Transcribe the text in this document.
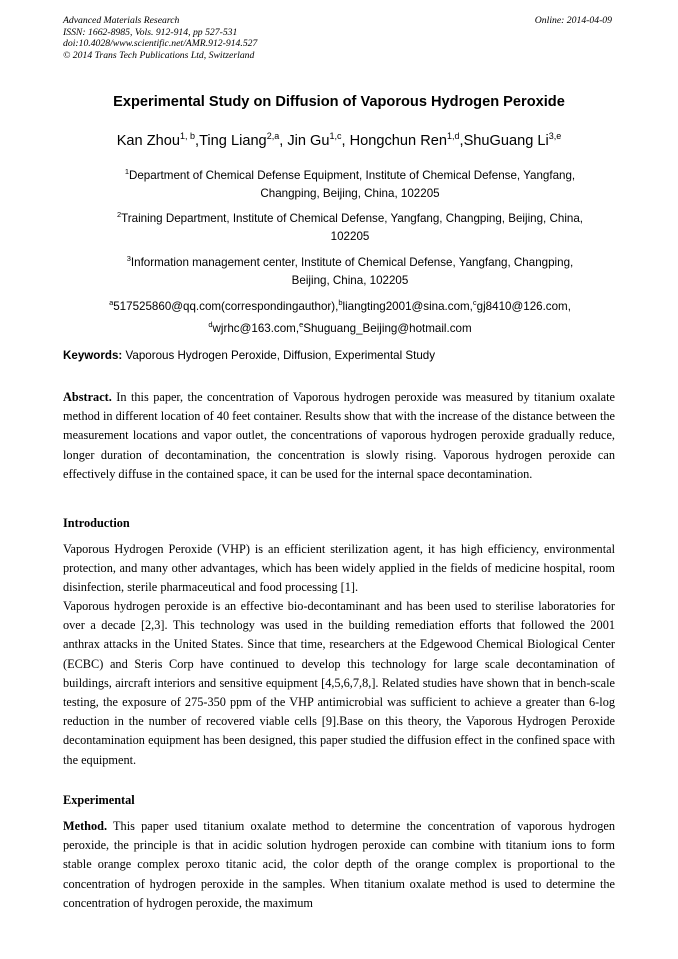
Advanced Materials Research
ISSN: 1662-8985, Vols. 912-914, pp 527-531
doi:10.4028/www.scientific.net/AMR.912-914.527
© 2014 Trans Tech Publications Ltd, Switzerland
Online: 2014-04-09
Experimental Study on Diffusion of Vaporous Hydrogen Peroxide
Kan Zhou$^{1, b}$,Ting Liang$^{2,a}$, Jin Gu$^{1,c}$, Hongchun Ren$^{1,d}$,ShuGuang Li$^{3,e}$
$^1$Department of Chemical Defense Equipment, Institute of Chemical Defense, Yangfang,
Changping, Beijing, China, 102205
$^2$Training Department, Institute of Chemical Defense, Yangfang, Changping, Beijing, China,
102205
$^3$Information management center, Institute of Chemical Defense, Yangfang, Changping,
Beijing, China, 102205
$^a$517525860@qq.com(correspondingauthor),$^b$liangting2001@sina.com,$^c$gj8410@126.com,
$^d$wjrhc@163.com,$^e$Shuguang_Beijing@hotmail.com
Keywords: Vaporous Hydrogen Peroxide, Diffusion, Experimental Study
Abstract. In this paper, the concentration of Vaporous hydrogen peroxide was measured by titanium oxalate method in different location of 40 feet container. Results show that with the increase of the distance between the measurement locations and vapor outlet, the concentrations of vaporous hydrogen peroxide gradually reduce, longer duration of decontamination, the concentration is slowly rising. Vaporous hydrogen peroxide can effectively diffuse in the contained space, it can be used for the internal space decontamination.
Introduction
Vaporous Hydrogen Peroxide (VHP) is an efficient sterilization agent, it has high efficiency, environmental protection, and many other advantages, which has been widely applied in the fields of medicine hospital, room disinfection, sterile pharmaceutical and food processing [1].
Vaporous hydrogen peroxide is an effective bio-decontaminant and has been used to sterilise laboratories for over a decade [2,3]. This technology was used in the building remediation efforts that followed the 2001 anthrax attacks in the United States. Since that time, researchers at the Edgewood Chemical Biological Center (ECBC) and Steris Corp have continued to develop this technology for large scale decontamination of buildings, aircraft interiors and sensitive equipment [4,5,6,7,8,]. Related studies have shown that in bench-scale testing, the exposure of 275-350 ppm of the VHP antimicrobial was sufficient to achieve a greater than 6-log reduction in the number of recovered viable cells [9].Base on this theory, the Vaporous Hydrogen Peroxide decontamination equipment has been designed, this paper studied the diffusion effect in the confined space with the equipment.
Experimental
Method. This paper used titanium oxalate method to determine the concentration of vaporous hydrogen peroxide, the principle is that in acidic solution hydrogen peroxide can combine with titanium ions to form stable orange complex peroxo titanic acid, the color depth of the orange complex is proportional to the concentration of hydrogen peroxide in the samples. When titanium oxalate method is used to determine the concentration of hydrogen peroxide, the maximum
